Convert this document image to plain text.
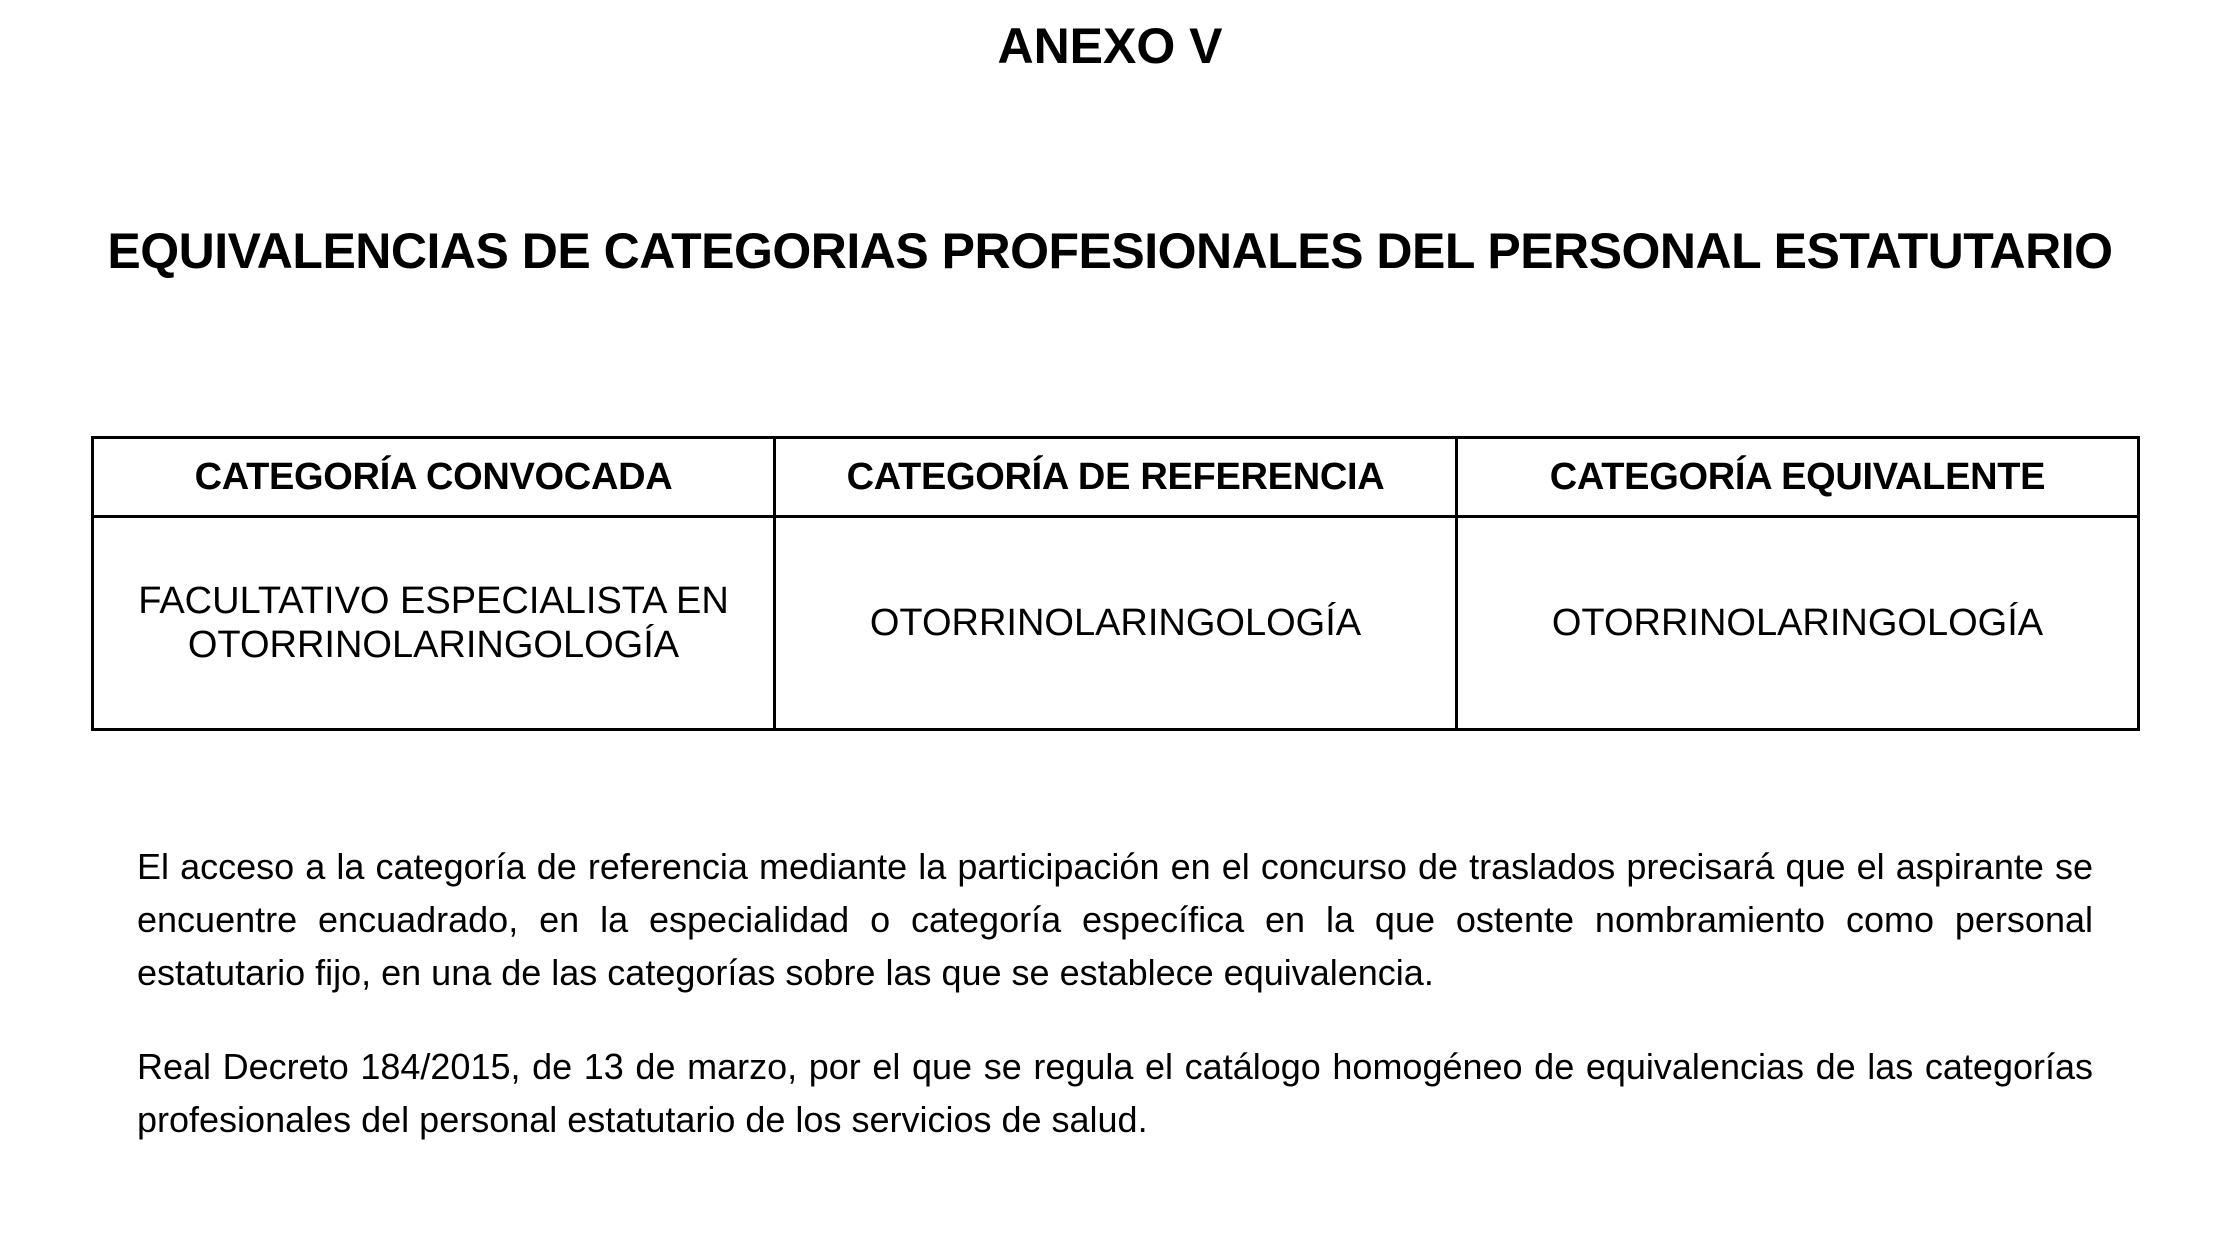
ANEXO V
EQUIVALENCIAS DE CATEGORIAS PROFESIONALES DEL PERSONAL ESTATUTARIO
CATEGORÍA CONVOCADA	CATEGORÍA DE REFERENCIA	CATEGORÍA EQUIVALENTE
FACULTATIVO ESPECIALISTA EN OTORRINOLARINGOLOGÍA	OTORRINOLARINGOLOGÍA	OTORRINOLARINGOLOGÍA

El acceso a la categoría de referencia mediante la participación en el concurso de traslados precisará que el aspirante se encuentre encuadrado, en la especialidad o categoría específica en la que ostente nombramiento como personal estatutario fijo, en una de las categorías sobre las que se establece equivalencia.

Real Decreto 184/2015, de 13 de marzo, por el que se regula el catálogo homogéneo de equivalencias de las categorías profesionales del personal estatutario de los servicios de salud.
